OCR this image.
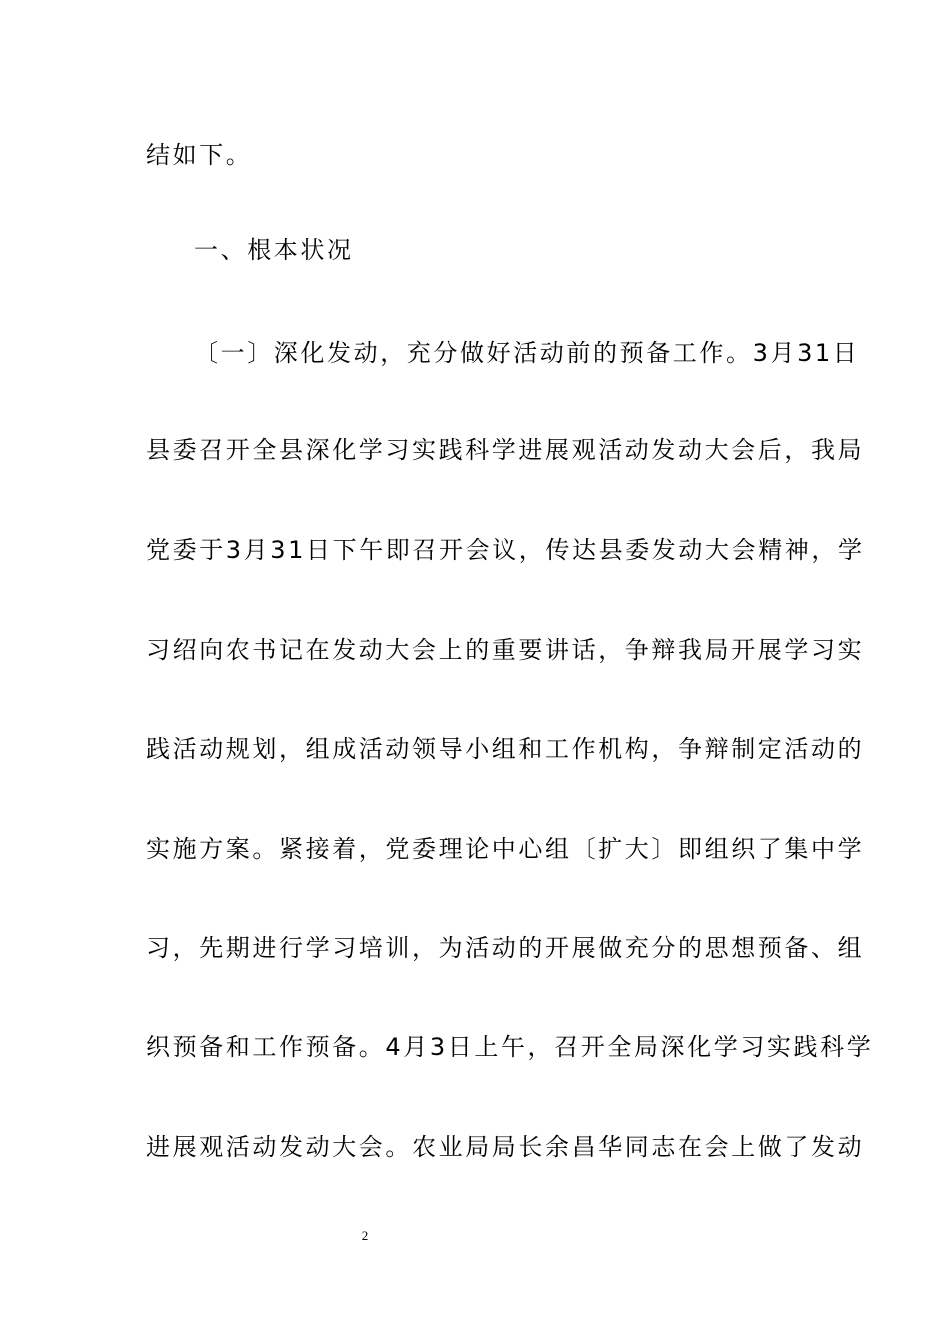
结如下。
一、根本状况
〔一〕深化发动，充分做好活动前的预备工作。3月31日
县委召开全县深化学习实践科学进展观活动发动大会后，我局
党委于3月31日下午即召开会议，传达县委发动大会精神，学
习绍向农书记在发动大会上的重要讲话，争辩我局开展学习实
践活动规划，组成活动领导小组和工作机构，争辩制定活动的
实施方案。紧接着，党委理论中心组〔扩大〕即组织了集中学
习，先期进行学习培训，为活动的开展做充分的思想预备、组
织预备和工作预备。4月3日上午，召开全局深化学习实践科学
进展观活动发动大会。农业局局长余昌华同志在会上做了发动
2
